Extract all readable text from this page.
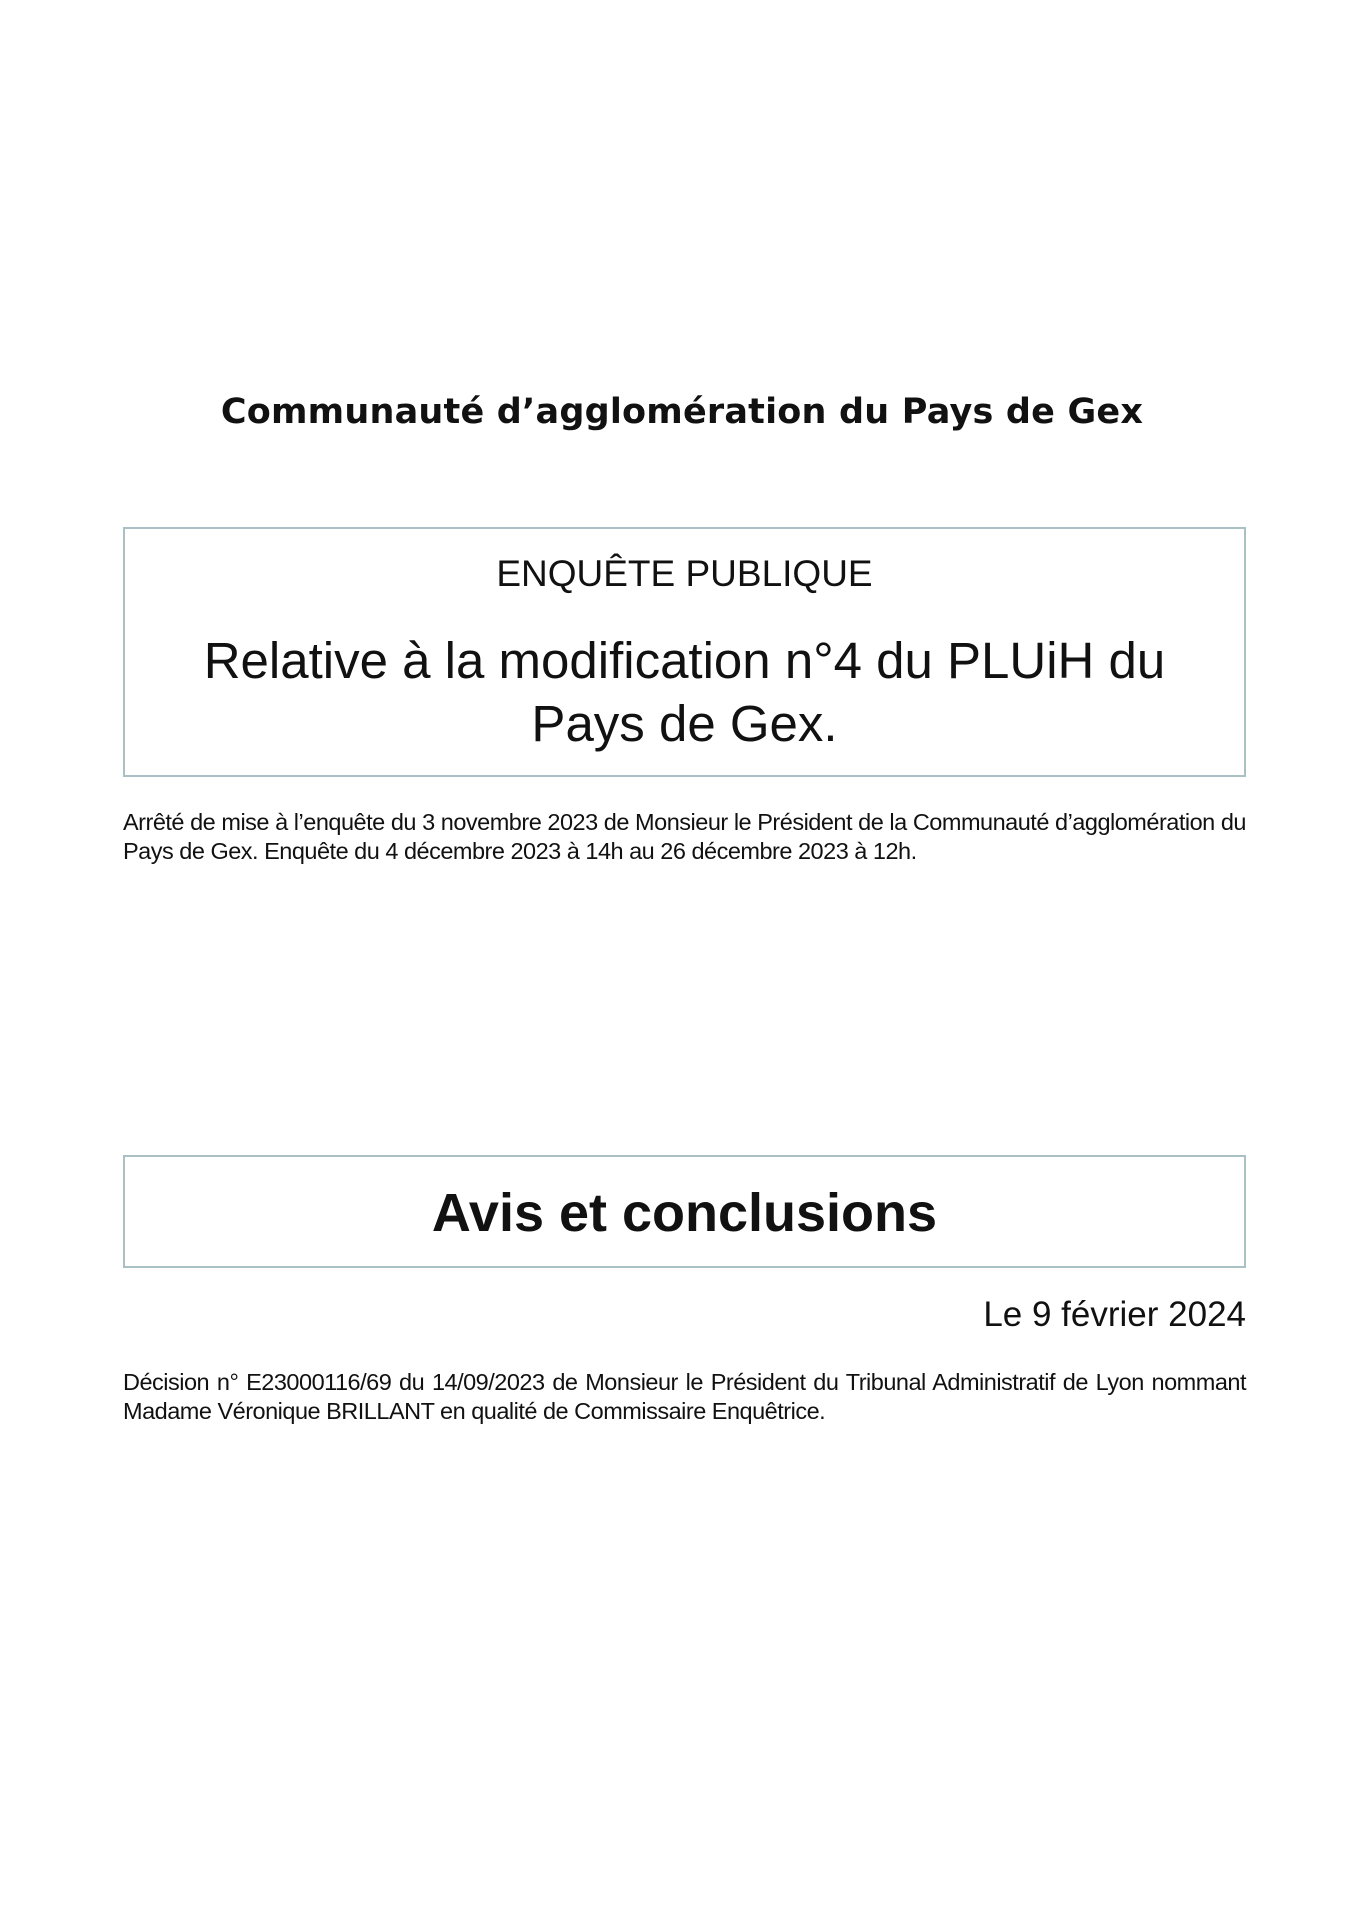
Communauté d’agglomération du Pays de Gex
ENQUÊTE PUBLIQUE
Relative à la modification n°4 du PLUiH du Pays de Gex.
Arrêté de mise à l’enquête du 3 novembre 2023 de Monsieur le Président de la Communauté d’agglomération du Pays de Gex. Enquête du 4 décembre 2023 à 14h au 26 décembre 2023 à 12h.
Avis et conclusions
Le 9 février 2024
Décision n° E23000116/69 du 14/09/2023 de Monsieur le Président du Tribunal Administratif de Lyon nommant Madame Véronique BRILLANT en qualité de Commissaire Enquêtrice.
